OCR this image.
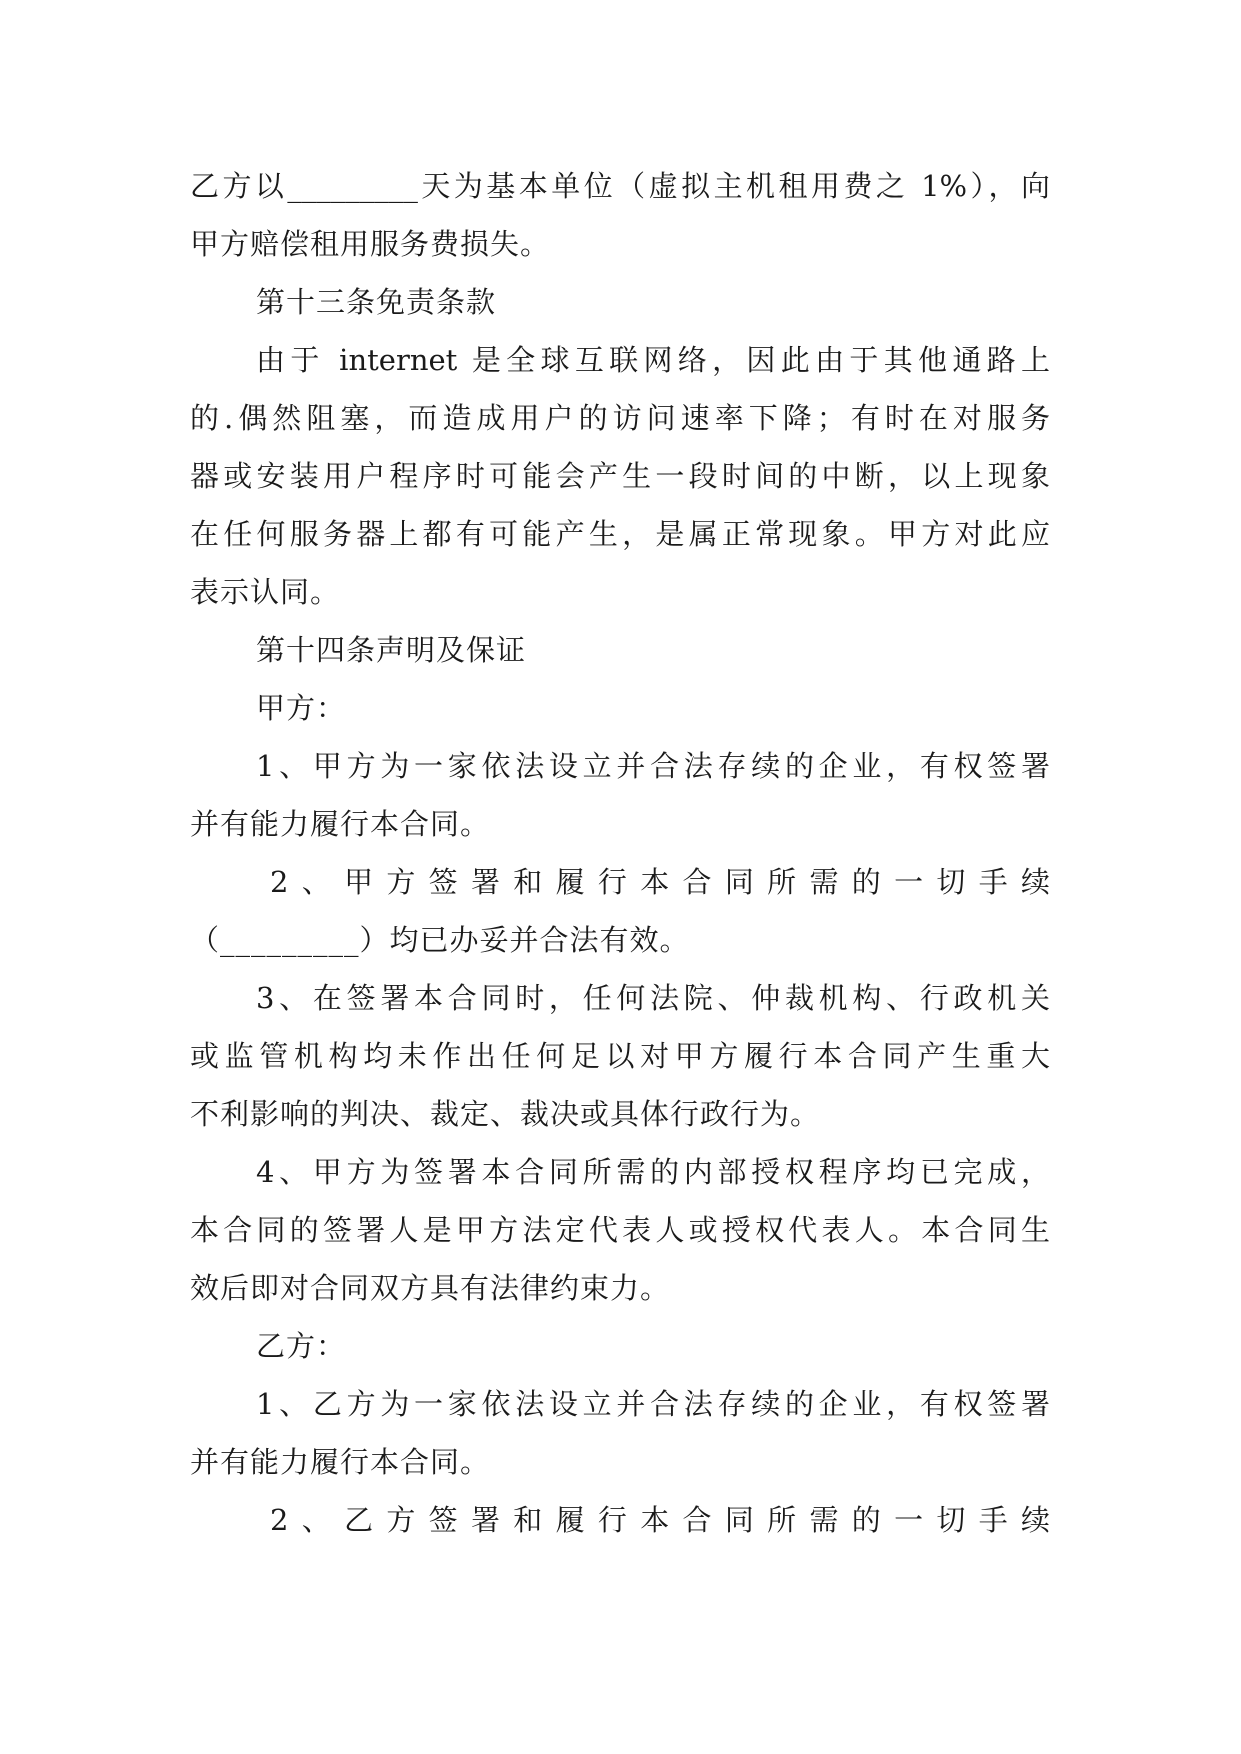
乙方以_________天为基本单位（虚拟主机租用费之 1%），向
甲方赔偿租用服务费损失。
第十三条免责条款
由于 internet 是全球互联网络，因此由于其他通路上
的.偶然阻塞，而造成用户的访问速率下降；有时在对服务
器或安装用户程序时可能会产生一段时间的中断，以上现象
在任何服务器上都有可能产生，是属正常现象。甲方对此应
表示认同。
第十四条声明及保证
甲方：
1、甲方为一家依法设立并合法存续的企业，有权签署
并有能力履行本合同。
2、甲方签署和履行本合同所需的一切手续
（_________）均已办妥并合法有效。
3、在签署本合同时，任何法院、仲裁机构、行政机关
或监管机构均未作出任何足以对甲方履行本合同产生重大
不利影响的判决、裁定、裁决或具体行政行为。
4、甲方为签署本合同所需的内部授权程序均已完成，
本合同的签署人是甲方法定代表人或授权代表人。本合同生
效后即对合同双方具有法律约束力。
乙方：
1、乙方为一家依法设立并合法存续的企业，有权签署
并有能力履行本合同。
2、乙方签署和履行本合同所需的一切手续
